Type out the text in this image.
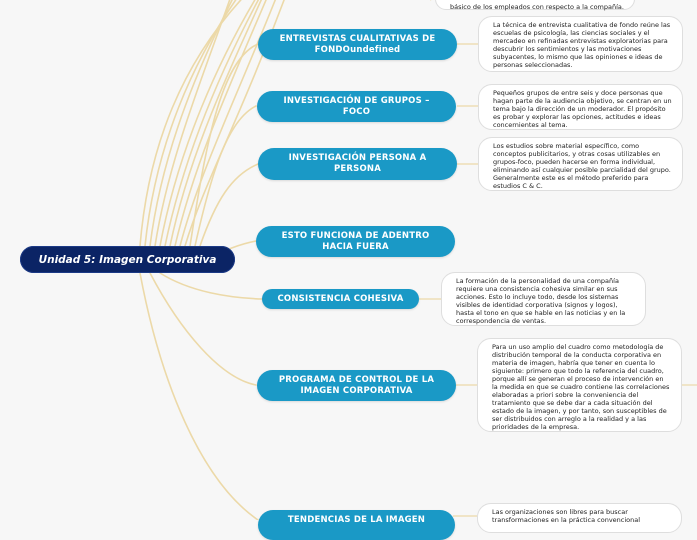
básico de los empleados con respecto a la compañía.
ENTREVISTAS CUALITATIVAS DE FONDOundefined
La técnica de entrevista cualitativa de fondo reúne las escuelas de psicología, las ciencias sociales y el mercadeo en refinadas entrevistas exploratorias para descubrir los sentimientos y las motivaciones subyacentes, lo mismo que las opiniones e ideas de personas seleccionadas.
INVESTIGACIÓN DE GRUPOS – FOCO
Pequeños grupos de entre seis y doce personas que hagan parte de la audiencia objetivo, se centran en un tema bajo la dirección de un moderador. El propósito es probar y explorar las opciones, actitudes e ideas concernientes al tema.
INVESTIGACIÓN PERSONA A PERSONA
Los estudios sobre material específico, como conceptos publicitarios, y otras cosas utilizables en grupos-foco, pueden hacerse en forma individual, eliminando así cualquier posible parcialidad del grupo. Generalmente este es el método preferido para estudios C & C.
ESTO FUNCIONA DE ADENTRO HACIA FUERA
CONSISTENCIA COHESIVA
La formación de la personalidad de una compañía requiere una consistencia cohesiva similar en sus acciones. Esto lo incluye todo, desde los sistemas visibles de identidad corporativa (signos y logos), hasta el tono en que se hable en las noticias y en la correspondencia de ventas.
PROGRAMA DE CONTROL DE LA IMAGEN CORPORATIVA
Para un uso amplio del cuadro como metodología de distribución temporal de la conducta corporativa en materia de imagen, habría que tener en cuenta lo siguiente: primero que todo la referencia del cuadro, porque allí se generan el proceso de intervención en la medida en que se cuadro contiene las correlaciones elaboradas a priori sobre la conveniencia del tratamiento que se debe dar a cada situación del estado de la imagen, y por tanto, son susceptibles de ser distribuidos con arreglo a la realidad y a las prioridades de la empresa.
TENDENCIAS DE LA IMAGEN
Las organizaciones son libres para buscar transformaciones en la práctica convencional
Unidad 5: Imagen Corporativa
